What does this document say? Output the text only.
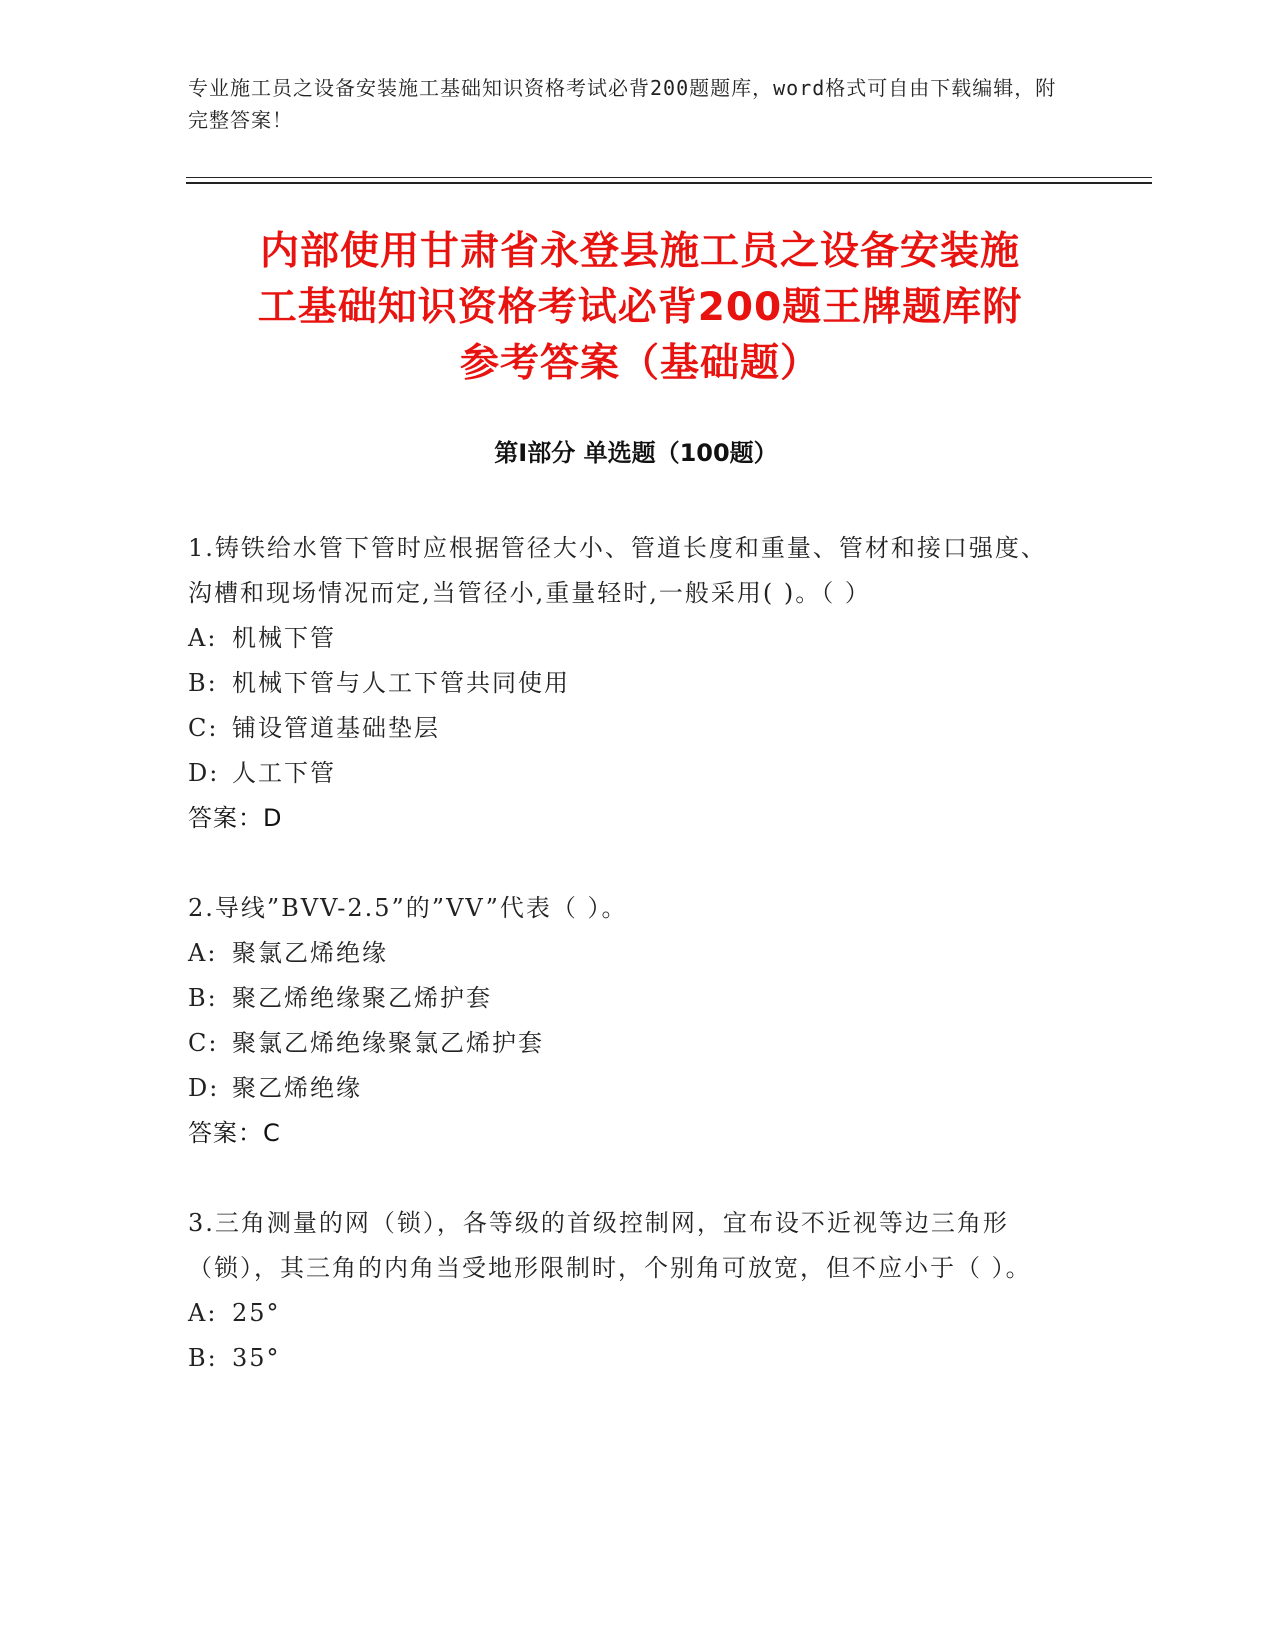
专业施工员之设备安装施工基础知识资格考试必背200题题库，word格式可自由下载编辑，附完整答案！
内部使用甘肃省永登县施工员之设备安装施
工基础知识资格考试必背200题王牌题库附
参考答案（基础题）
第Ⅰ部分 单选题（100题）
1.铸铁给水管下管时应根据管径大小、管道长度和重量、管材和接口强度、沟槽和现场情况而定,当管径小,重量轻时,一般采用( )。（ ）
A: 机械下管
B: 机械下管与人工下管共同使用
C: 铺设管道基础垫层
D: 人工下管
答案：D
2.导线”BVV-2.5”的”VV”代表（ ）。
A: 聚氯乙烯绝缘
B: 聚乙烯绝缘聚乙烯护套
C: 聚氯乙烯绝缘聚氯乙烯护套
D: 聚乙烯绝缘
答案：C
3.三角测量的网（锁），各等级的首级控制网，宜布设不近视等边三角形（锁），其三角的内角当受地形限制时，个别角可放宽，但不应小于（ ）。
A: 25°
B: 35°
